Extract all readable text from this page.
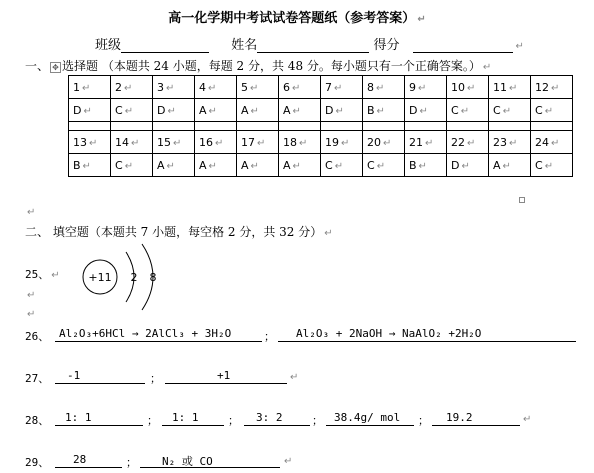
高一化学期中考试试卷答题纸（参考答案） ↵
班级	姓名	得分	↵
一、 ✥ 选择题 （本题共 24 小题，每题 2 分，共 48 分。每小题只有一个正确答案。） ↵
1 ↵	2 ↵	3 ↵	4 ↵	5 ↵	6 ↵	7 ↵	8 ↵	9 ↵	10 ↵	11 ↵	12 ↵
D ↵	C ↵	D ↵	A ↵	A ↵	A ↵	D ↵	B ↵	D ↵	C ↵	C ↵	C ↵

13 ↵	14 ↵	15 ↵	16 ↵	17 ↵	18 ↵	19 ↵	20 ↵	21 ↵	22 ↵	23 ↵	24 ↵
B ↵	C ↵	A ↵	A ↵	A ↵	A ↵	C ↵	C ↵	B ↵	D ↵	A ↵	C ↵
↵
二、 填空题（本题共 7 小题，每空格 2 分，共 32 分） ↵
25、 ↵	+11 2 8
↵
↵
26、 Al₂O₃+6HCl → 2AlCl₃ + 3H₂O	； Al₂O₃ + 2NaOH → NaAlO₂ +2H₂O
27、 -1	；	+1	↵
28、 1: 1	； 1: 1	； 3: 2	； 38.4g/ mol ； 19.2	↵
29、 28	； N₂ 或 CO	↵
